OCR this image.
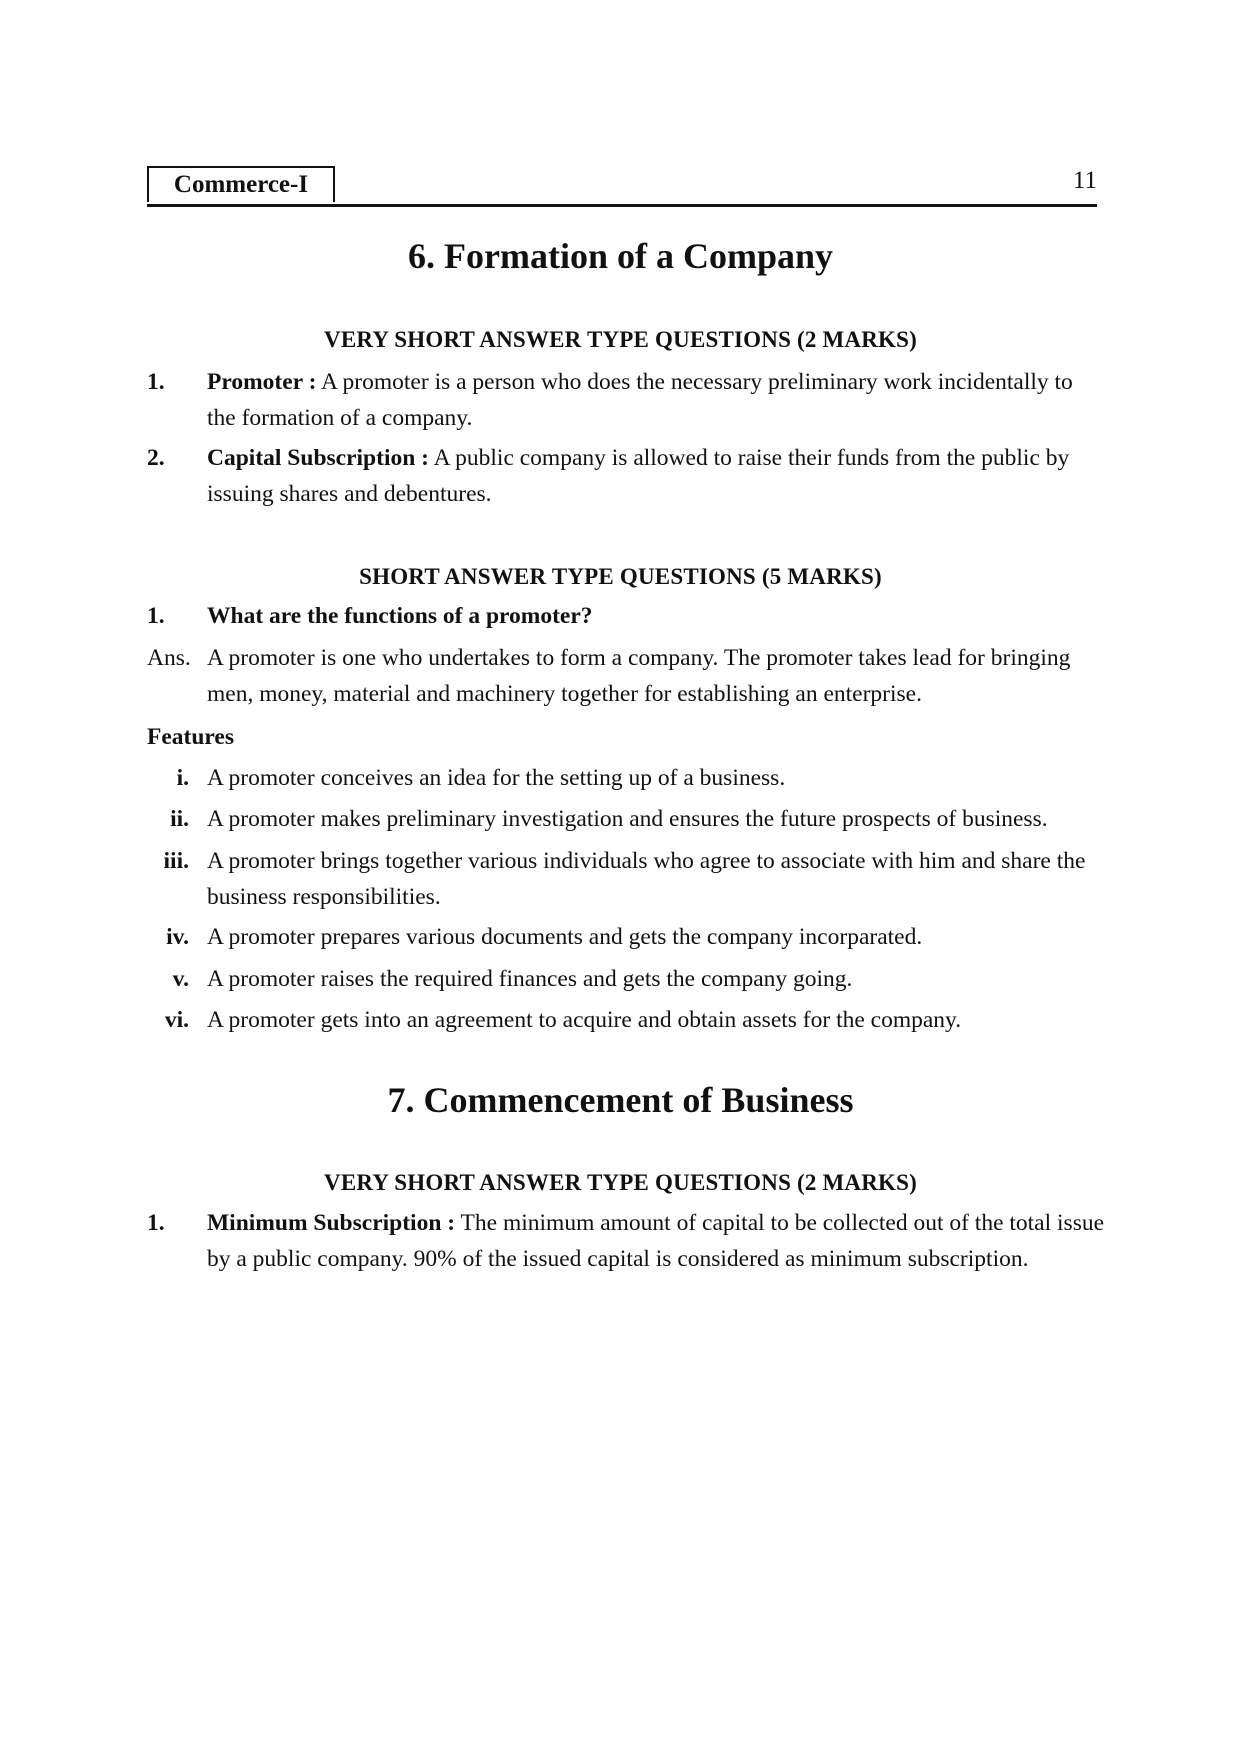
Commerce-I	11
6. Formation of a Company
VERY SHORT ANSWER TYPE QUESTIONS (2 MARKS)
1. Promoter : A promoter is a person who does the necessary preliminary work incidentally to the formation of a company.
2. Capital Subscription : A public company is allowed to raise their funds from the public by issuing shares and debentures.
SHORT ANSWER TYPE QUESTIONS (5 MARKS)
1. What are the functions of a promoter?
Ans. A promoter is one who undertakes to form a company. The promoter takes lead for bringing men, money, material and machinery together for establishing an enterprise.
Features
i. A promoter conceives an idea for the setting up of a business.
ii. A promoter makes preliminary investigation and ensures the future prospects of business.
iii. A promoter brings together various individuals who agree to associate with him and share the business responsibilities.
iv. A promoter prepares various documents and gets the company incorparated.
v. A promoter raises the required finances and gets the company going.
vi. A promoter gets into an agreement to acquire and obtain assets for the company.
7. Commencement of Business
VERY SHORT ANSWER TYPE QUESTIONS (2 MARKS)
1. Minimum Subscription : The minimum amount of capital to be collected out of the total issue by a public company. 90% of the issued capital is considered as minimum subscription.
